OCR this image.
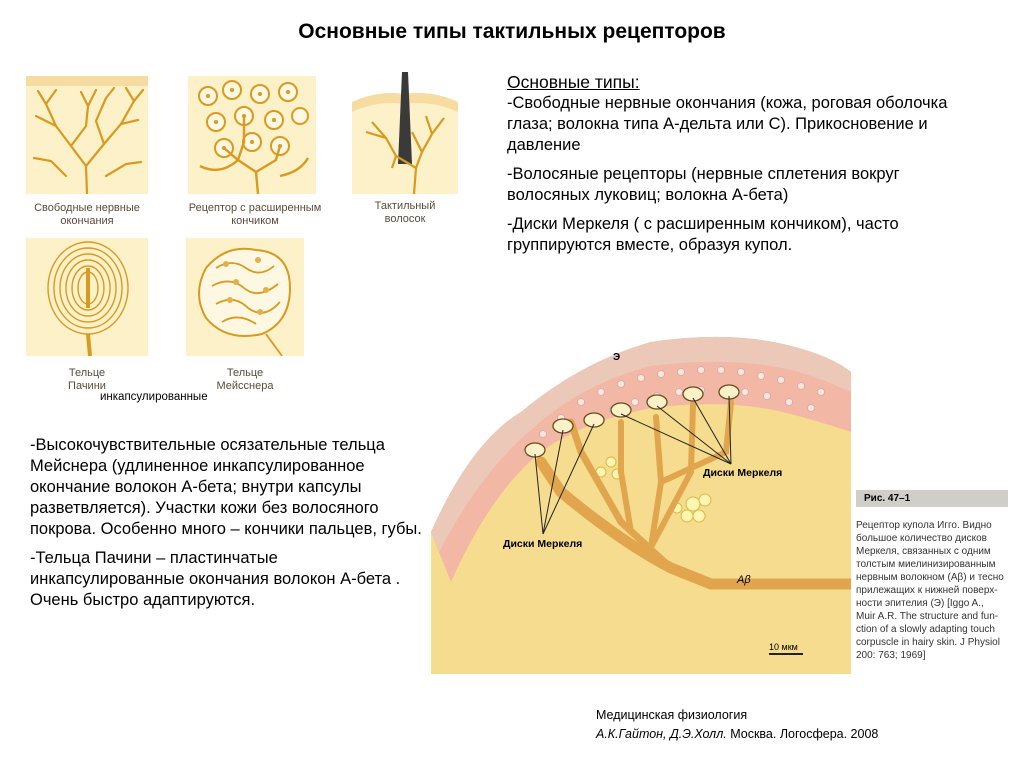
Основные типы тактильных рецепторов
Свободные нервные
окончания
Рецептор с расширенным
кончиком
Тактильный
волосок
Тельце
Пачини
Тельце
Мейсснера
инкапсулированные
Основные типы:

-Свободные нервные окончания (кожа, роговая оболочка глаза; волокна типа А-дельта или С). Прикосновение и давление

-Волосяные рецепторы (нервные сплетения вокруг волосяных луковиц; волокна А-бета)

-Диски Меркеля ( с расширенным кончиком), часто группируются вместе, образуя купол.

-Высокочувствительные осязательные тельца Мейснера (удлиненное инкапсулированное окончание волокон А-бета; внутри капсулы разветвляется). Участки кожи без волосяного покрова. Особенно много – кончики пальцев, губы.

-Тельца Пачини – пластинчатые инкапсулированные окончания волокон А-бета . Очень быстро адаптируются.

Э
Диски Меркеля
Диски Меркеля
Aβ
10 мкм
Рис. 47–1
Рецептор купола Игго. Видно
большое количество дисков
Меркеля, связанных с одним
толстым миелинизированным
нервным волокном (Aβ) и тесно
прилежащих к нижней поверх-
ности эпителия (Э) [Iggo A.,
Muir A.R. The structure and fun-
ction of a slowly adapting touch
corpuscle in hairy skin. J Physiol
200: 763; 1969]
Медицинская физиология
А.К.Гайтон, Д.Э.Холл. Москва. Логосфера. 2008
